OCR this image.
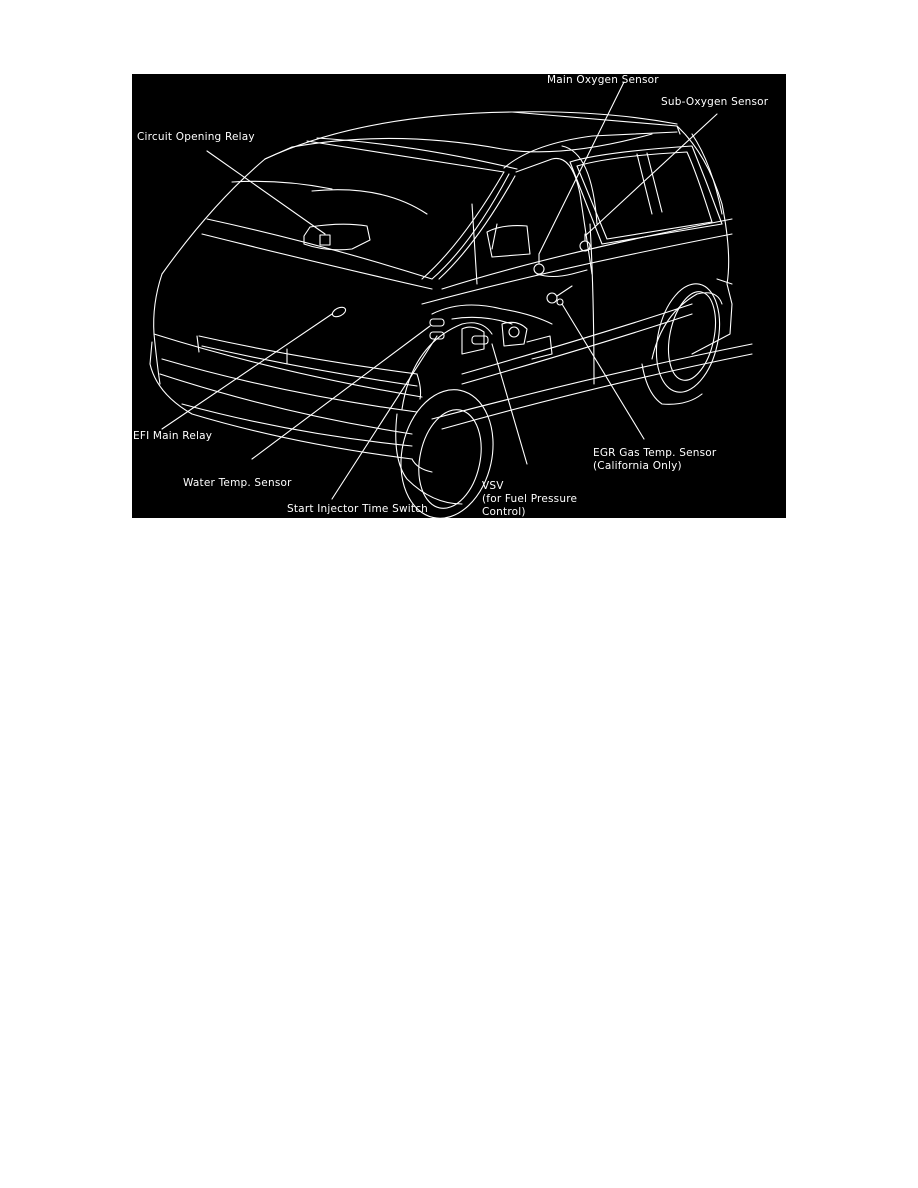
Main Oxygen Sensor
Sub-Oxygen Sensor
Circuit Opening Relay
EFI Main Relay
Water Temp. Sensor
Start Injector Time Switch
VSV
(for Fuel Pressure
Control)
EGR Gas Temp. Sensor
(California Only)
